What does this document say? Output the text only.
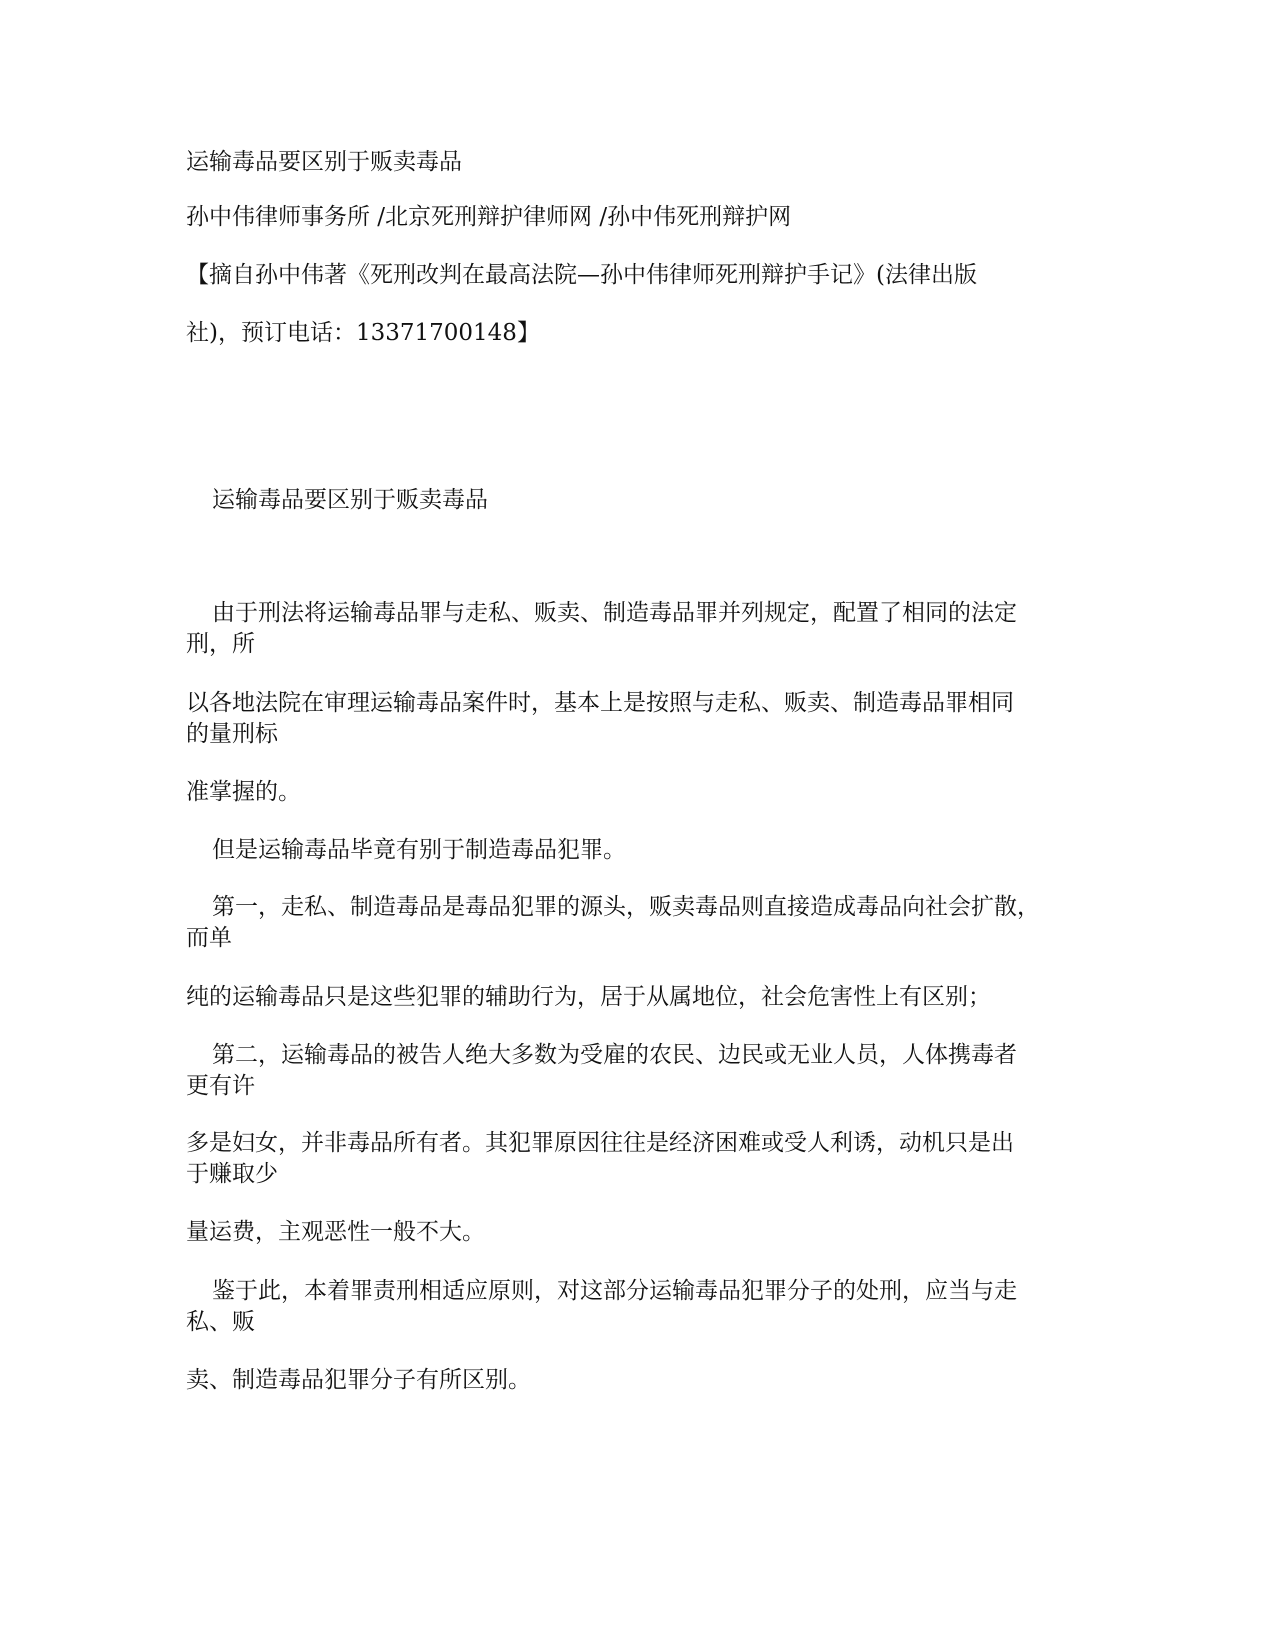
运输毒品要区别于贩卖毒品

孙中伟律师事务所 /北京死刑辩护律师网 /孙中伟死刑辩护网

【摘自孙中伟著《死刑改判在最高法院—孙中伟律师死刑辩护手记》(法律出版

社)，预订电话：13371700148】

运输毒品要区别于贩卖毒品

由于刑法将运输毒品罪与走私、贩卖、制造毒品罪并列规定，配置了相同的法定

刑，所

以各地法院在审理运输毒品案件时，基本上是按照与走私、贩卖、制造毒品罪相同

的量刑标

准掌握的。

但是运输毒品毕竟有别于制造毒品犯罪。

第一，走私、制造毒品是毒品犯罪的源头，贩卖毒品则直接造成毒品向社会扩散，

而单

纯的运输毒品只是这些犯罪的辅助行为，居于从属地位，社会危害性上有区别；

第二，运输毒品的被告人绝大多数为受雇的农民、边民或无业人员，人体携毒者

更有许

多是妇女，并非毒品所有者。其犯罪原因往往是经济困难或受人利诱，动机只是出

于赚取少

量运费，主观恶性一般不大。

鉴于此，本着罪责刑相适应原则，对这部分运输毒品犯罪分子的处刑，应当与走

私、贩

卖、制造毒品犯罪分子有所区别。
